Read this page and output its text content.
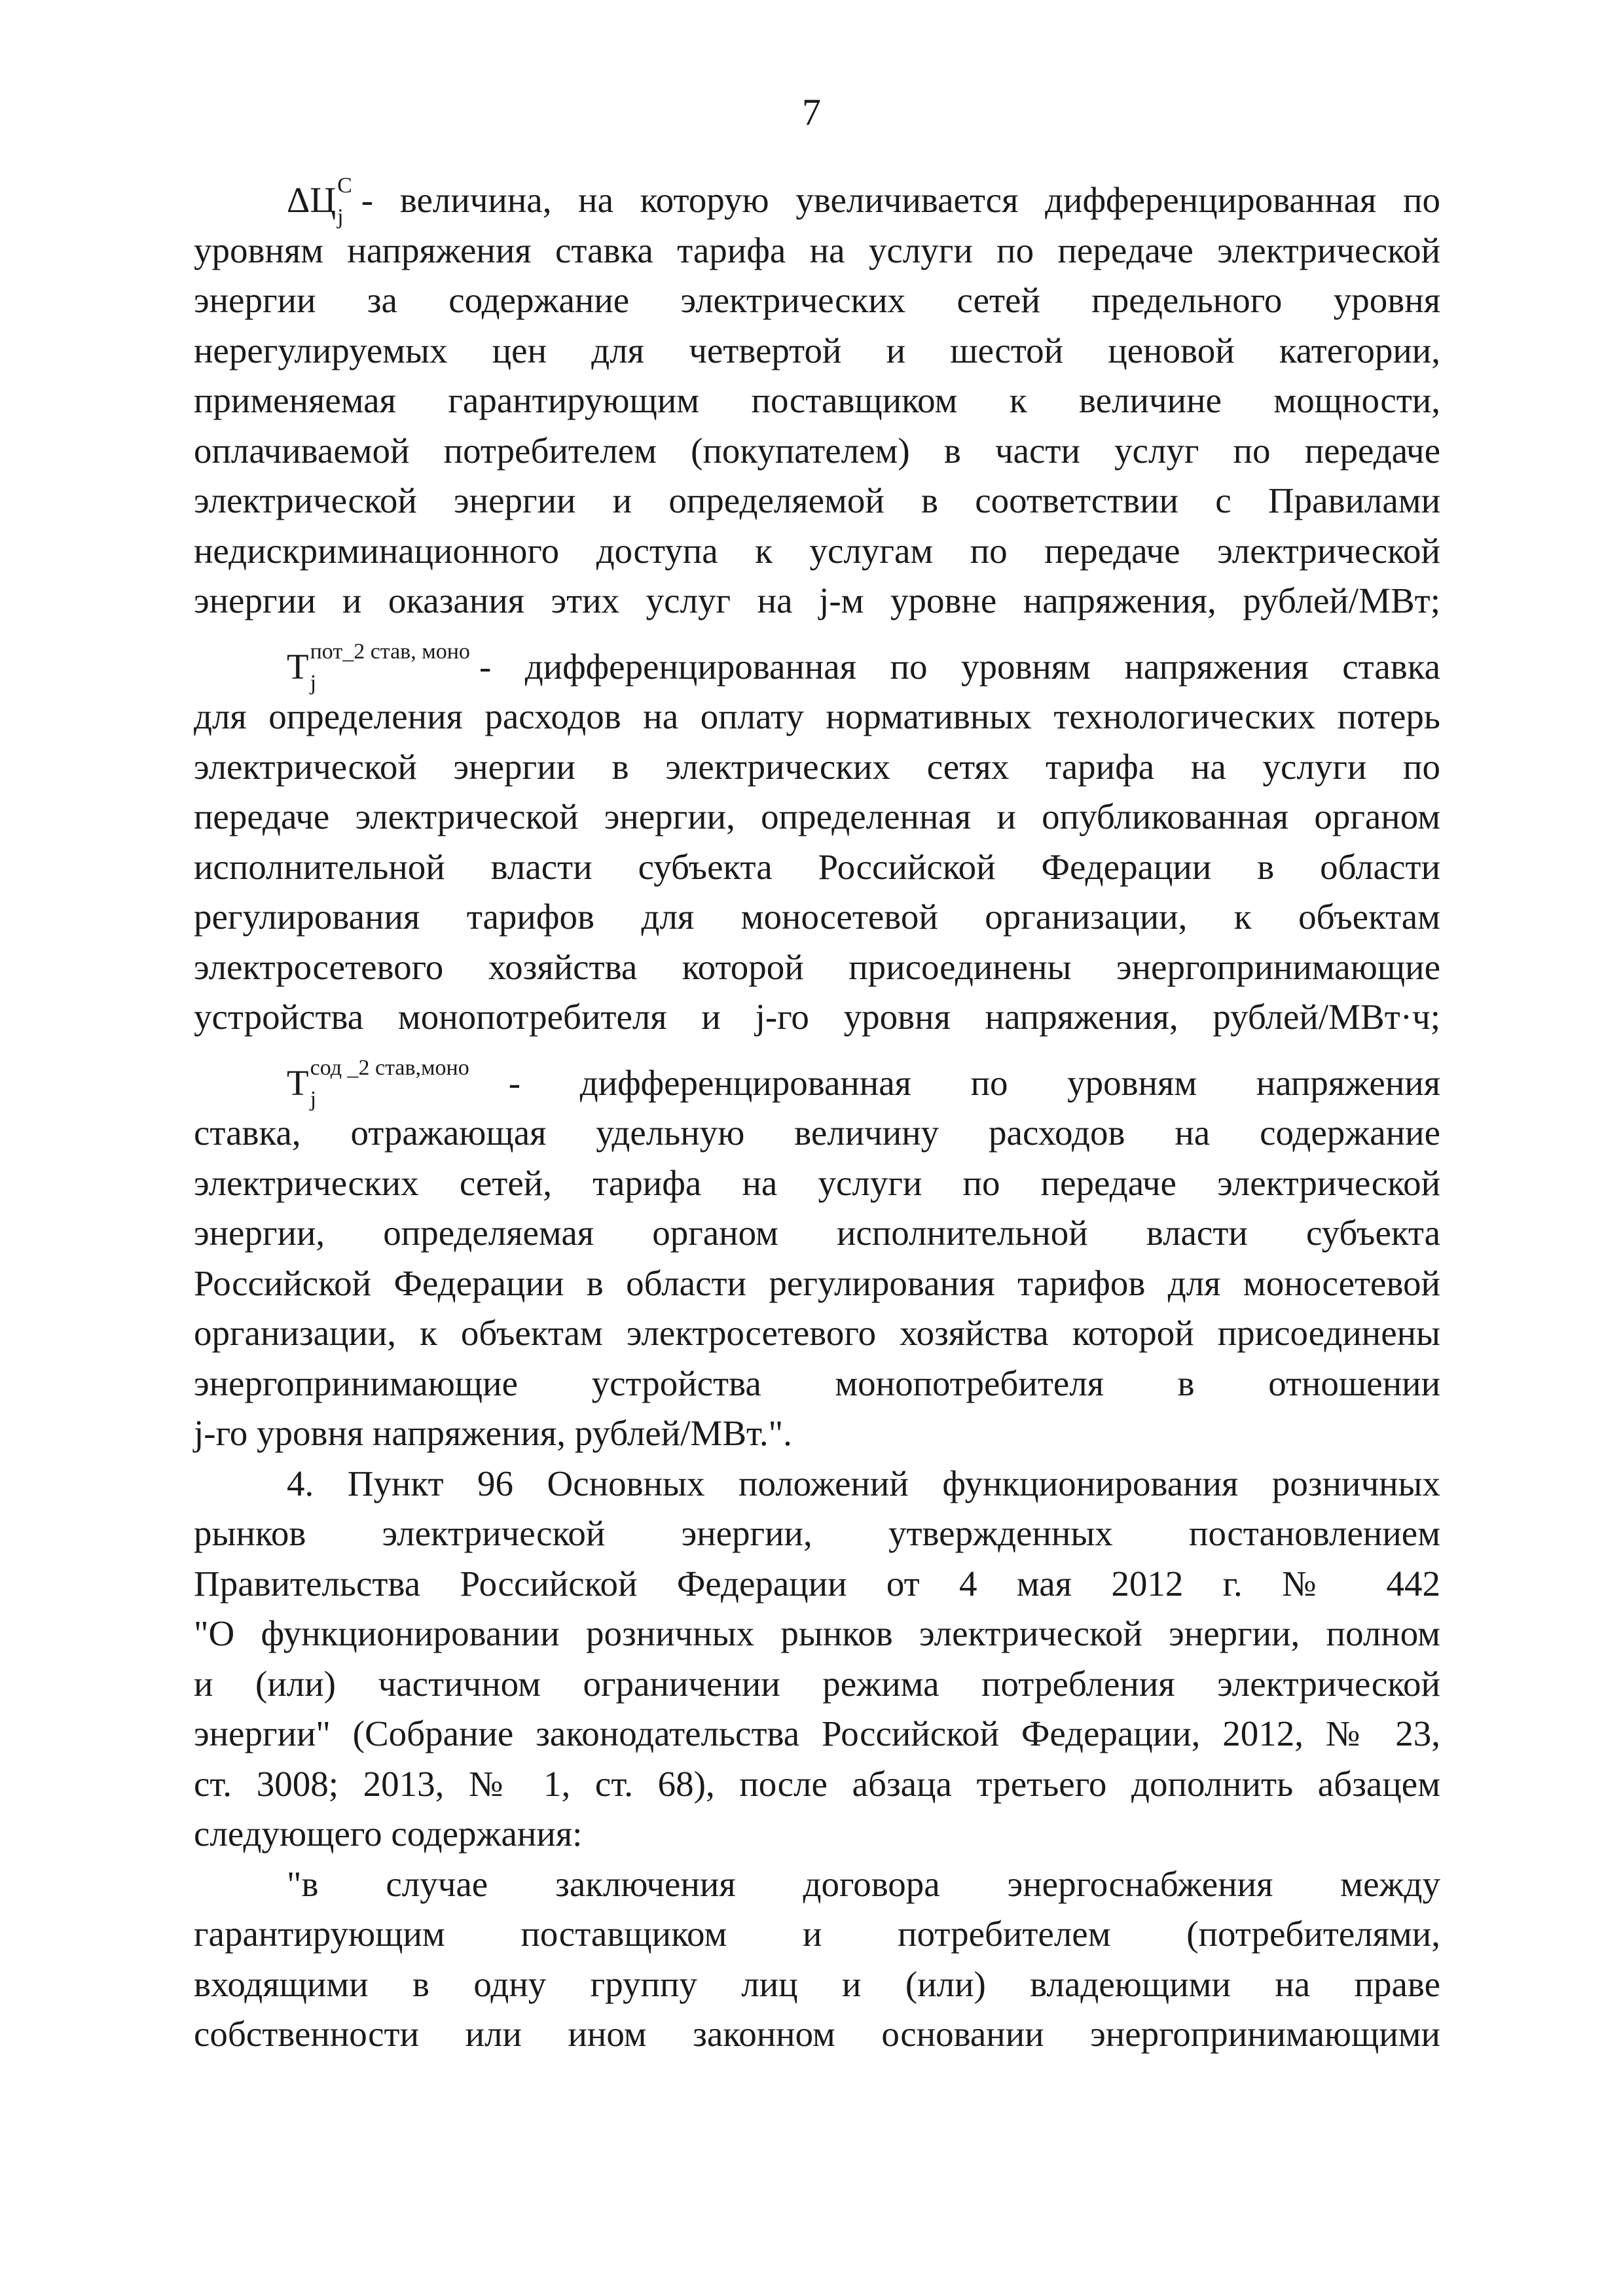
7
ΔЦ С
j - величина, на которую увеличивается дифференцированная по

уровням напряжения ставка тарифа на услуги по передаче электрической

энергии за содержание электрических сетей предельного уровня

нерегулируемых цен для четвертой и шестой ценовой категории,

применяемая гарантирующим поставщиком к величине мощности,

оплачиваемой потребителем (покупателем) в части услуг по передаче

электрической энергии и определяемой в соответствии с Правилами

недискриминационного доступа к услугам по передаче электрической

энергии и оказания этих услуг на j-м уровне напряжения, рублей/МВт;

Т пот_2 став, моно
j	- дифференцированная по уровням напряжения ставка

для определения расходов на оплату нормативных технологических потерь

электрической энергии в электрических сетях тарифа на услуги по

передаче электрической энергии, определенная и опубликованная органом

исполнительной власти субъекта Российской Федерации в области

регулирования тарифов для моносетевой организации, к объектам

электросетевого хозяйства которой присоединены энергопринимающие

устройства монопотребителя и j-го уровня напряжения, рублей/МВт·ч;

Т сод _2 став,моно
j	- дифференцированная по уровням напряжения

ставка, отражающая удельную величину расходов на содержание

электрических сетей, тарифа на услуги по передаче электрической

энергии, определяемая органом исполнительной власти субъекта

Российской Федерации в области регулирования тарифов для моносетевой

организации, к объектам электросетевого хозяйства которой присоединены

энергопринимающие устройства монопотребителя в отношении

j-го уровня напряжения, рублей/МВт.".

4. Пункт 96 Основных положений функционирования розничных

рынков электрической энергии, утвержденных постановлением

Правительства Российской Федерации от 4 мая 2012 г. № 442

"О функционировании розничных рынков электрической энергии, полном

и (или) частичном ограничении режима потребления электрической

энергии" (Собрание законодательства Российской Федерации, 2012, № 23,

ст. 3008; 2013, № 1, ст. 68), после абзаца третьего дополнить абзацем

следующего содержания:

"в случае заключения договора энергоснабжения между

гарантирующим поставщиком и потребителем (потребителями,

входящими в одну группу лиц и (или) владеющими на праве

собственности или ином законном основании энергопринимающими
